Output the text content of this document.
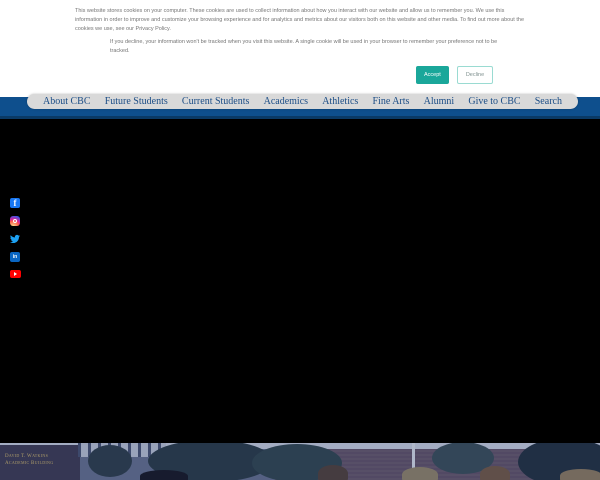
This website stores cookies on your computer. These cookies are used to collect information about how you interact with our website and allow us to remember you. We use this information in order to improve and customize your browsing experience and for analytics and metrics about our visitors both on this website and other media. To find out more about the cookies we use, see our Privacy Policy.

If you decline, your information won't be tracked when you visit this website. A single cookie will be used in your browser to remember your preference not to be tracked.

Accept	Decline
About CBC Future Students Current Students Academics Athletics Fine Arts Alumni Give to CBC Search
f
in
David T. Watkins
Academic Building
